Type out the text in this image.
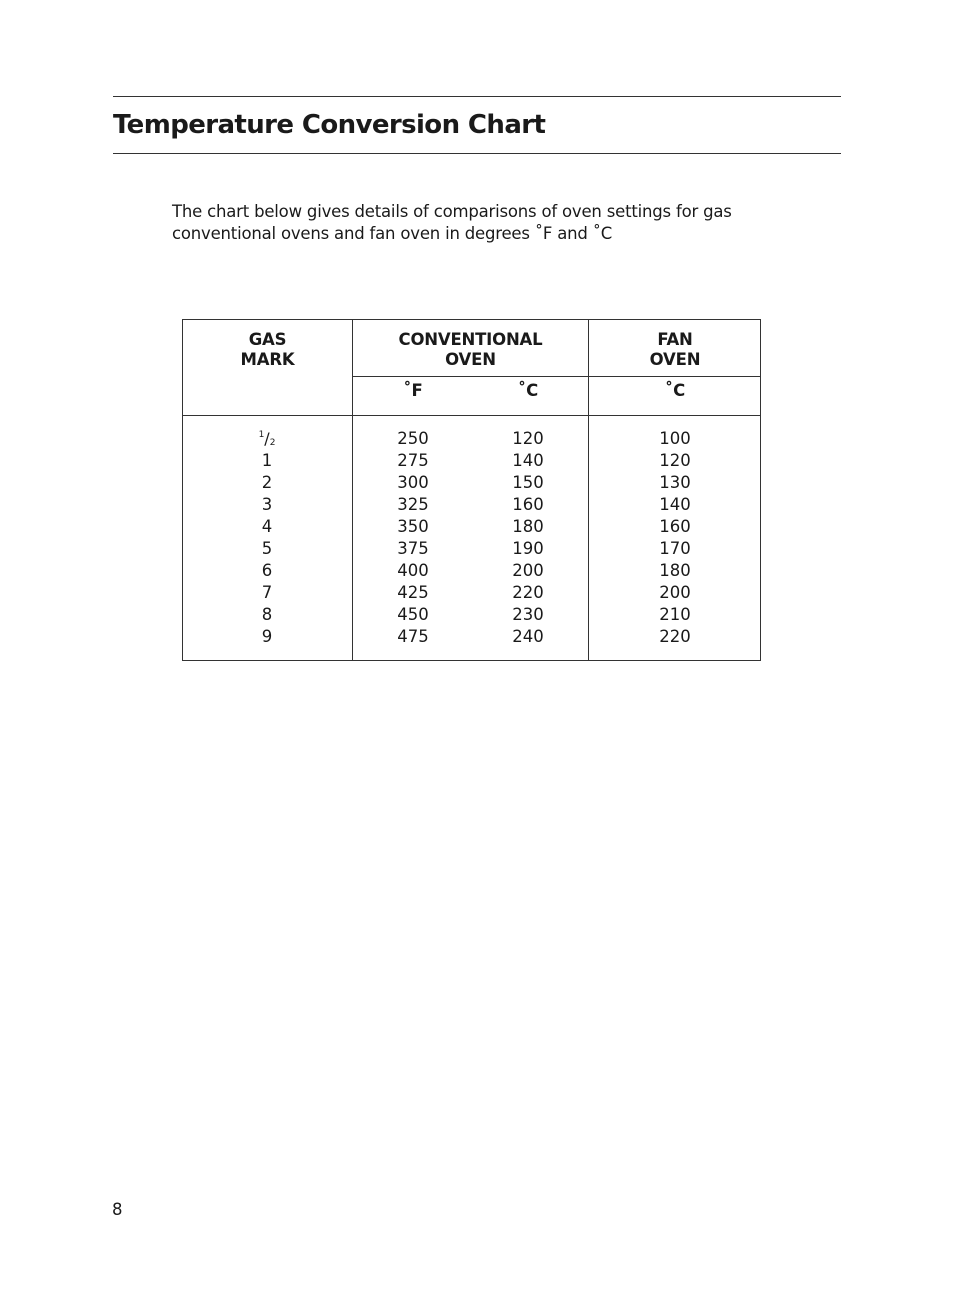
Temperature Conversion Chart

The chart below gives details of comparisons of oven settings for gas
conventional ovens and fan oven in degrees ˚F and ˚C

GAS
MARK
CONVENTIONAL
OVEN
FAN
OVEN
˚F	˚C	˚C
$^1/_2$
1
2
3
4
5
6
7
8
9
250
275
300
325
350
375
400
425
450
475
120
140
150
160
180
190
200
220
230
240
100
120
130
140
160
170
180
200
210
220
8
